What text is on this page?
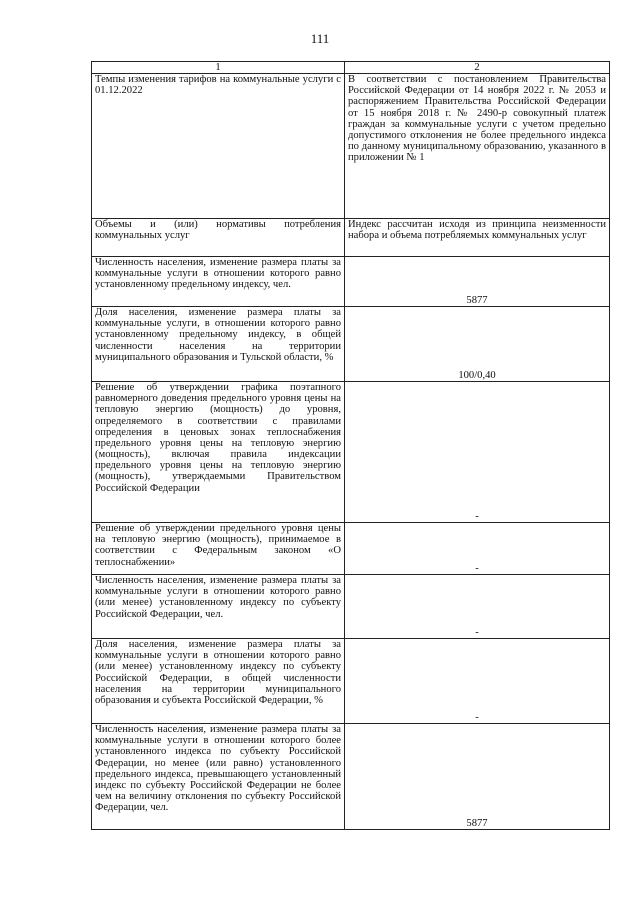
111
1	2
Темпы изменения тарифов на коммунальные услуги с 01.12.2022	В соответствии с постановлением Правительства Российской Федерации от 14 ноября 2022 г. № 2053 и распоряжением Правительства Российской Федерации от 15 ноября 2018 г. № 2490-р совокупный платеж граждан за коммунальные услуги с учетом предельно допустимого отклонения не более предельного индекса по данному муниципальному образованию, указанного в приложении № 1
Объемы и (или) нормативы потребления коммунальных услуг	Индекс рассчитан исходя из принципа неизменности набора и объема потребляемых коммунальных услуг
Численность населения, изменение размера платы за коммунальные услуги в отношении которого равно установленному предельному индексу, чел.	5877
Доля населения, изменение размера платы за коммунальные услуги, в отношении которого равно установленному предельному индексу, в общей численности населения на территории муниципального образования и Тульской области, %	100/0,40
Решение об утверждении графика поэтапного равномерного доведения предельного уровня цены на тепловую энергию (мощность) до уровня, определяемого в соответствии с правилами определения в ценовых зонах теплоснабжения предельного уровня цены на тепловую энергию (мощность), включая правила индексации предельного уровня цены на тепловую энергию (мощность), утверждаемыми Правительством Российской Федерации	-
Решение об утверждении предельного уровня цены на тепловую энергию (мощность), принимаемое в соответствии с Федеральным законом «О теплоснабжении»	-
Численность населения, изменение размера платы за коммунальные услуги в отношении которого равно (или менее) установленному индексу по субъекту Российской Федерации, чел.	-
Доля населения, изменение размера платы за коммунальные услуги в отношении которого равно (или менее) установленному индексу по субъекту Российской Федерации, в общей численности населения на территории муниципального образования и субъекта Российской Федерации, %	-
Численность населения, изменение размера платы за коммунальные услуги в отношении которого более установленного индекса по субъекту Российской Федерации, но менее (или равно) установленного предельного индекса, превышающего установленный индекс по субъекту Российской Федерации не более чем на величину отклонения по субъекту Российской Федерации, чел.	5877
